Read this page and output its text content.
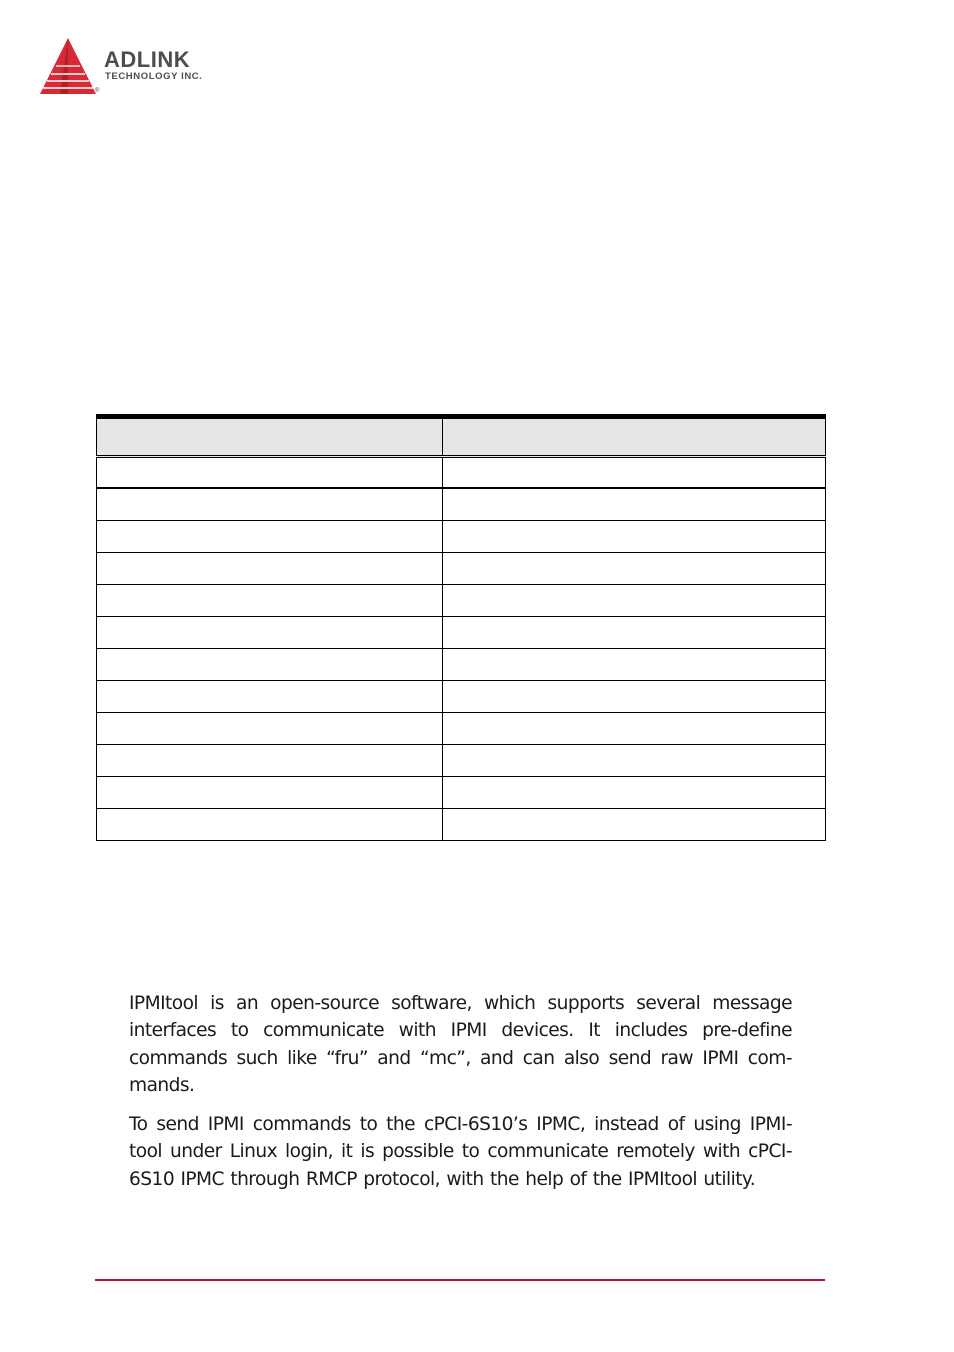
ADLINK
TECHNOLOGY INC.
®

IPMItool is an open-source software, which supports several message interfaces to communicate with IPMI devices. It includes pre-define commands such like “fru” and “mc”, and can also send raw IPMI com- mands.

To send IPMI commands to the cPCI-6S10’s IPMC, instead of using IPMI- tool under Linux login, it is possible to communicate remotely with cPCI-6S10 IPMC through RMCP protocol, with the help of the IPMItool utility.
